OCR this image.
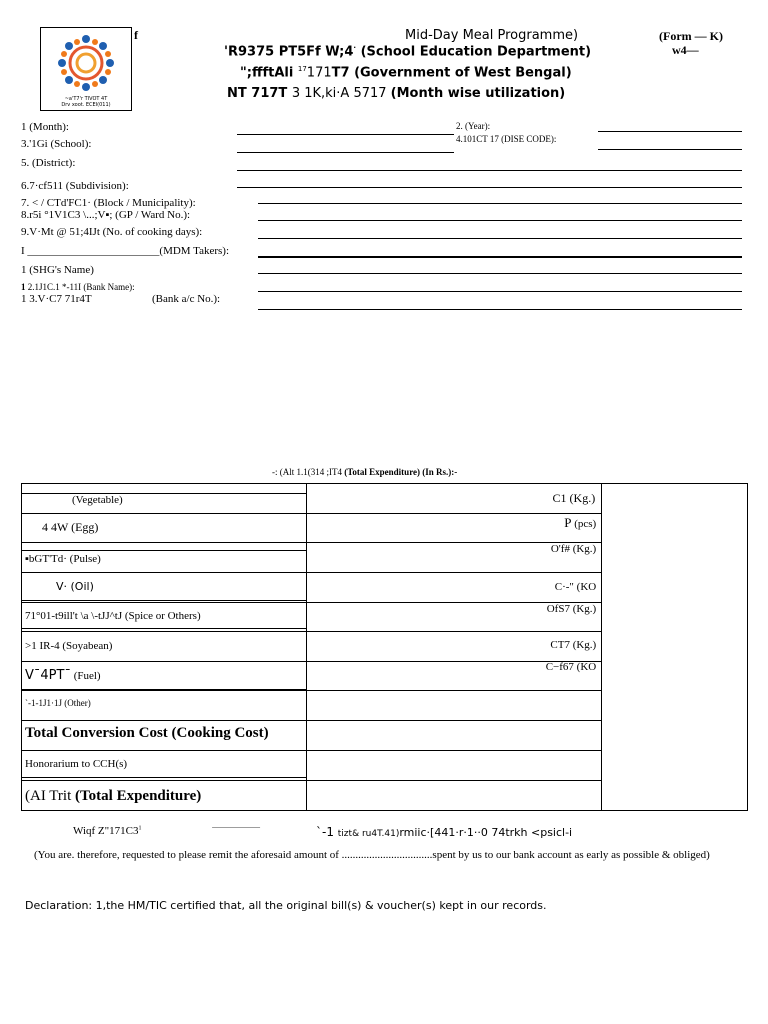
~a'T7'r TIVOT 4T
Drv xoot. ECEI(011)
f	Mid-Day Meal Programme)
'R9375 PT5Ff W;4· (School Education Department)
";ffftAli $^{17}$171T7 (Government of West Bengal)
NT 717T 3 1K,ki·A 5717 (Month wise utilization)
(Form — K)
w4—
1 (Month):	2. (Year):
3.'1Gi (School):	4.101CT 17 (DISE CODE):
5. (District):
6.7·cf511 (Subdivision):
7. < / CTd'FC1· (Block / Municipality):
8.r5i °1V1C3 \...;V▪; (GP / Ward No.):
9.V·Mt @ 51;4IJt (No. of cooking days):
I ________________________(MDM Takers):
1 (SHG's Name)
1 2.1J1C.1 *-11I (Bank Name):
1 3.V·C7 71r4T	(Bank a/c No.):
-: (Alt 1.1(314 ;IT4 (Total Expenditure) (In Rs.):-
(Vegetable)	C1 (Kg.)	

4 4W (Egg)	P (pcs)	

▪bGT'Td· (Pulse)	O'f# (Kg.)	

V· (Oil)	C·-" (KO	

71°01-t9ill't \a \-tJJ^tJ (Spice or Others)	OfS7 (Kg.)	

>1 IR-4 (Soyabean)	CT7 (Kg.)	

V¯4PT¯ (Fuel)	C−f67 (KO	

`-1-1J1·1J (Other)		

Total Conversion Cost (Cooking Cost)		

Honorarium to CCH(s)		

(AI Trit (Total Expenditure)		

Wiqf $Z"171C3^1$	................................................	`-1 tizt& ru4T.41)rmiic·[441·r·1··0 74trkh <psicl-i
(You are. therefore, requested to please remit the aforesaid amount of .................................spent by us to our bank account as early as possible & obliged)
Declaration: 1,the HM/TIC certified that, all the original bill(s) & voucher(s) kept in our records.
